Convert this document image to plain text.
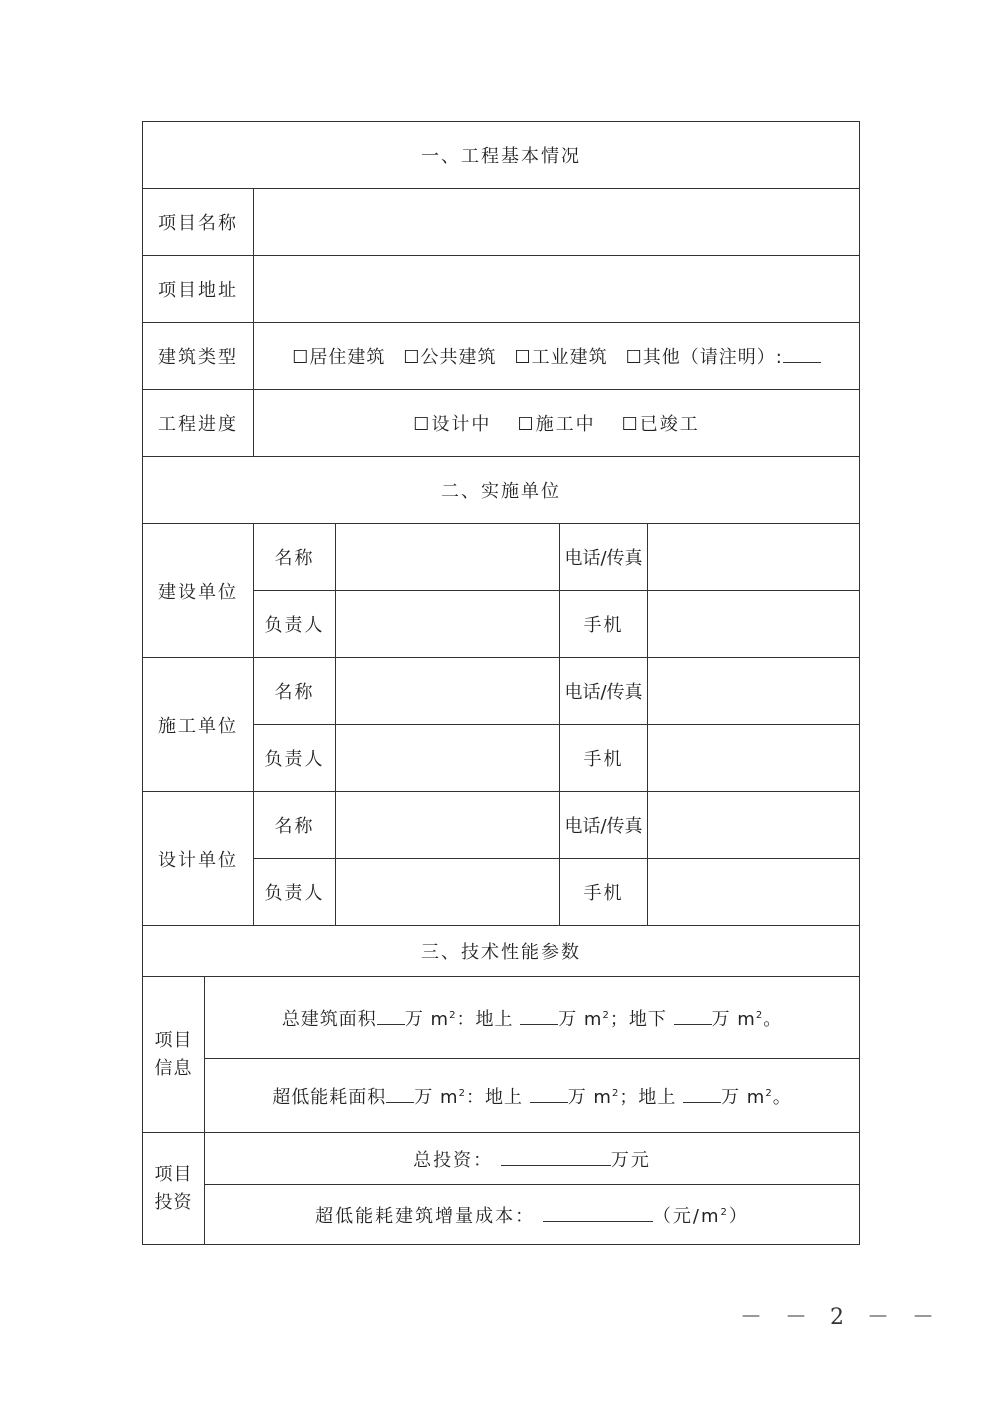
一、工程基本情况					
项目名称					
项目地址					
建筑类型		☐居住建筑 ☐公共建筑 ☐工业建筑 ☐其他（请注明）:			
工程进度		☐设计中 ☐施工中 ☐已竣工			
二、实施单位					
建设单位		名称		电话/传真	
		负责人		手机	
施工单位		名称		电话/传真	
		负责人		手机	
设计单位		名称		电话/传真	
		负责人		手机	
三、技术性能参数					

项目
信息	总建筑面积 万 $m^2$：地上 万 $m^2$；地下 万 $m^2$。				
	超低能耗面积 万 $m^2$：地上 万 $m^2$；地上 万 $m^2$。				

项目
投资	总投资： 万元				
	超低能耗建筑增量成本： （元$/m^2$）				
－ － 2 － －
